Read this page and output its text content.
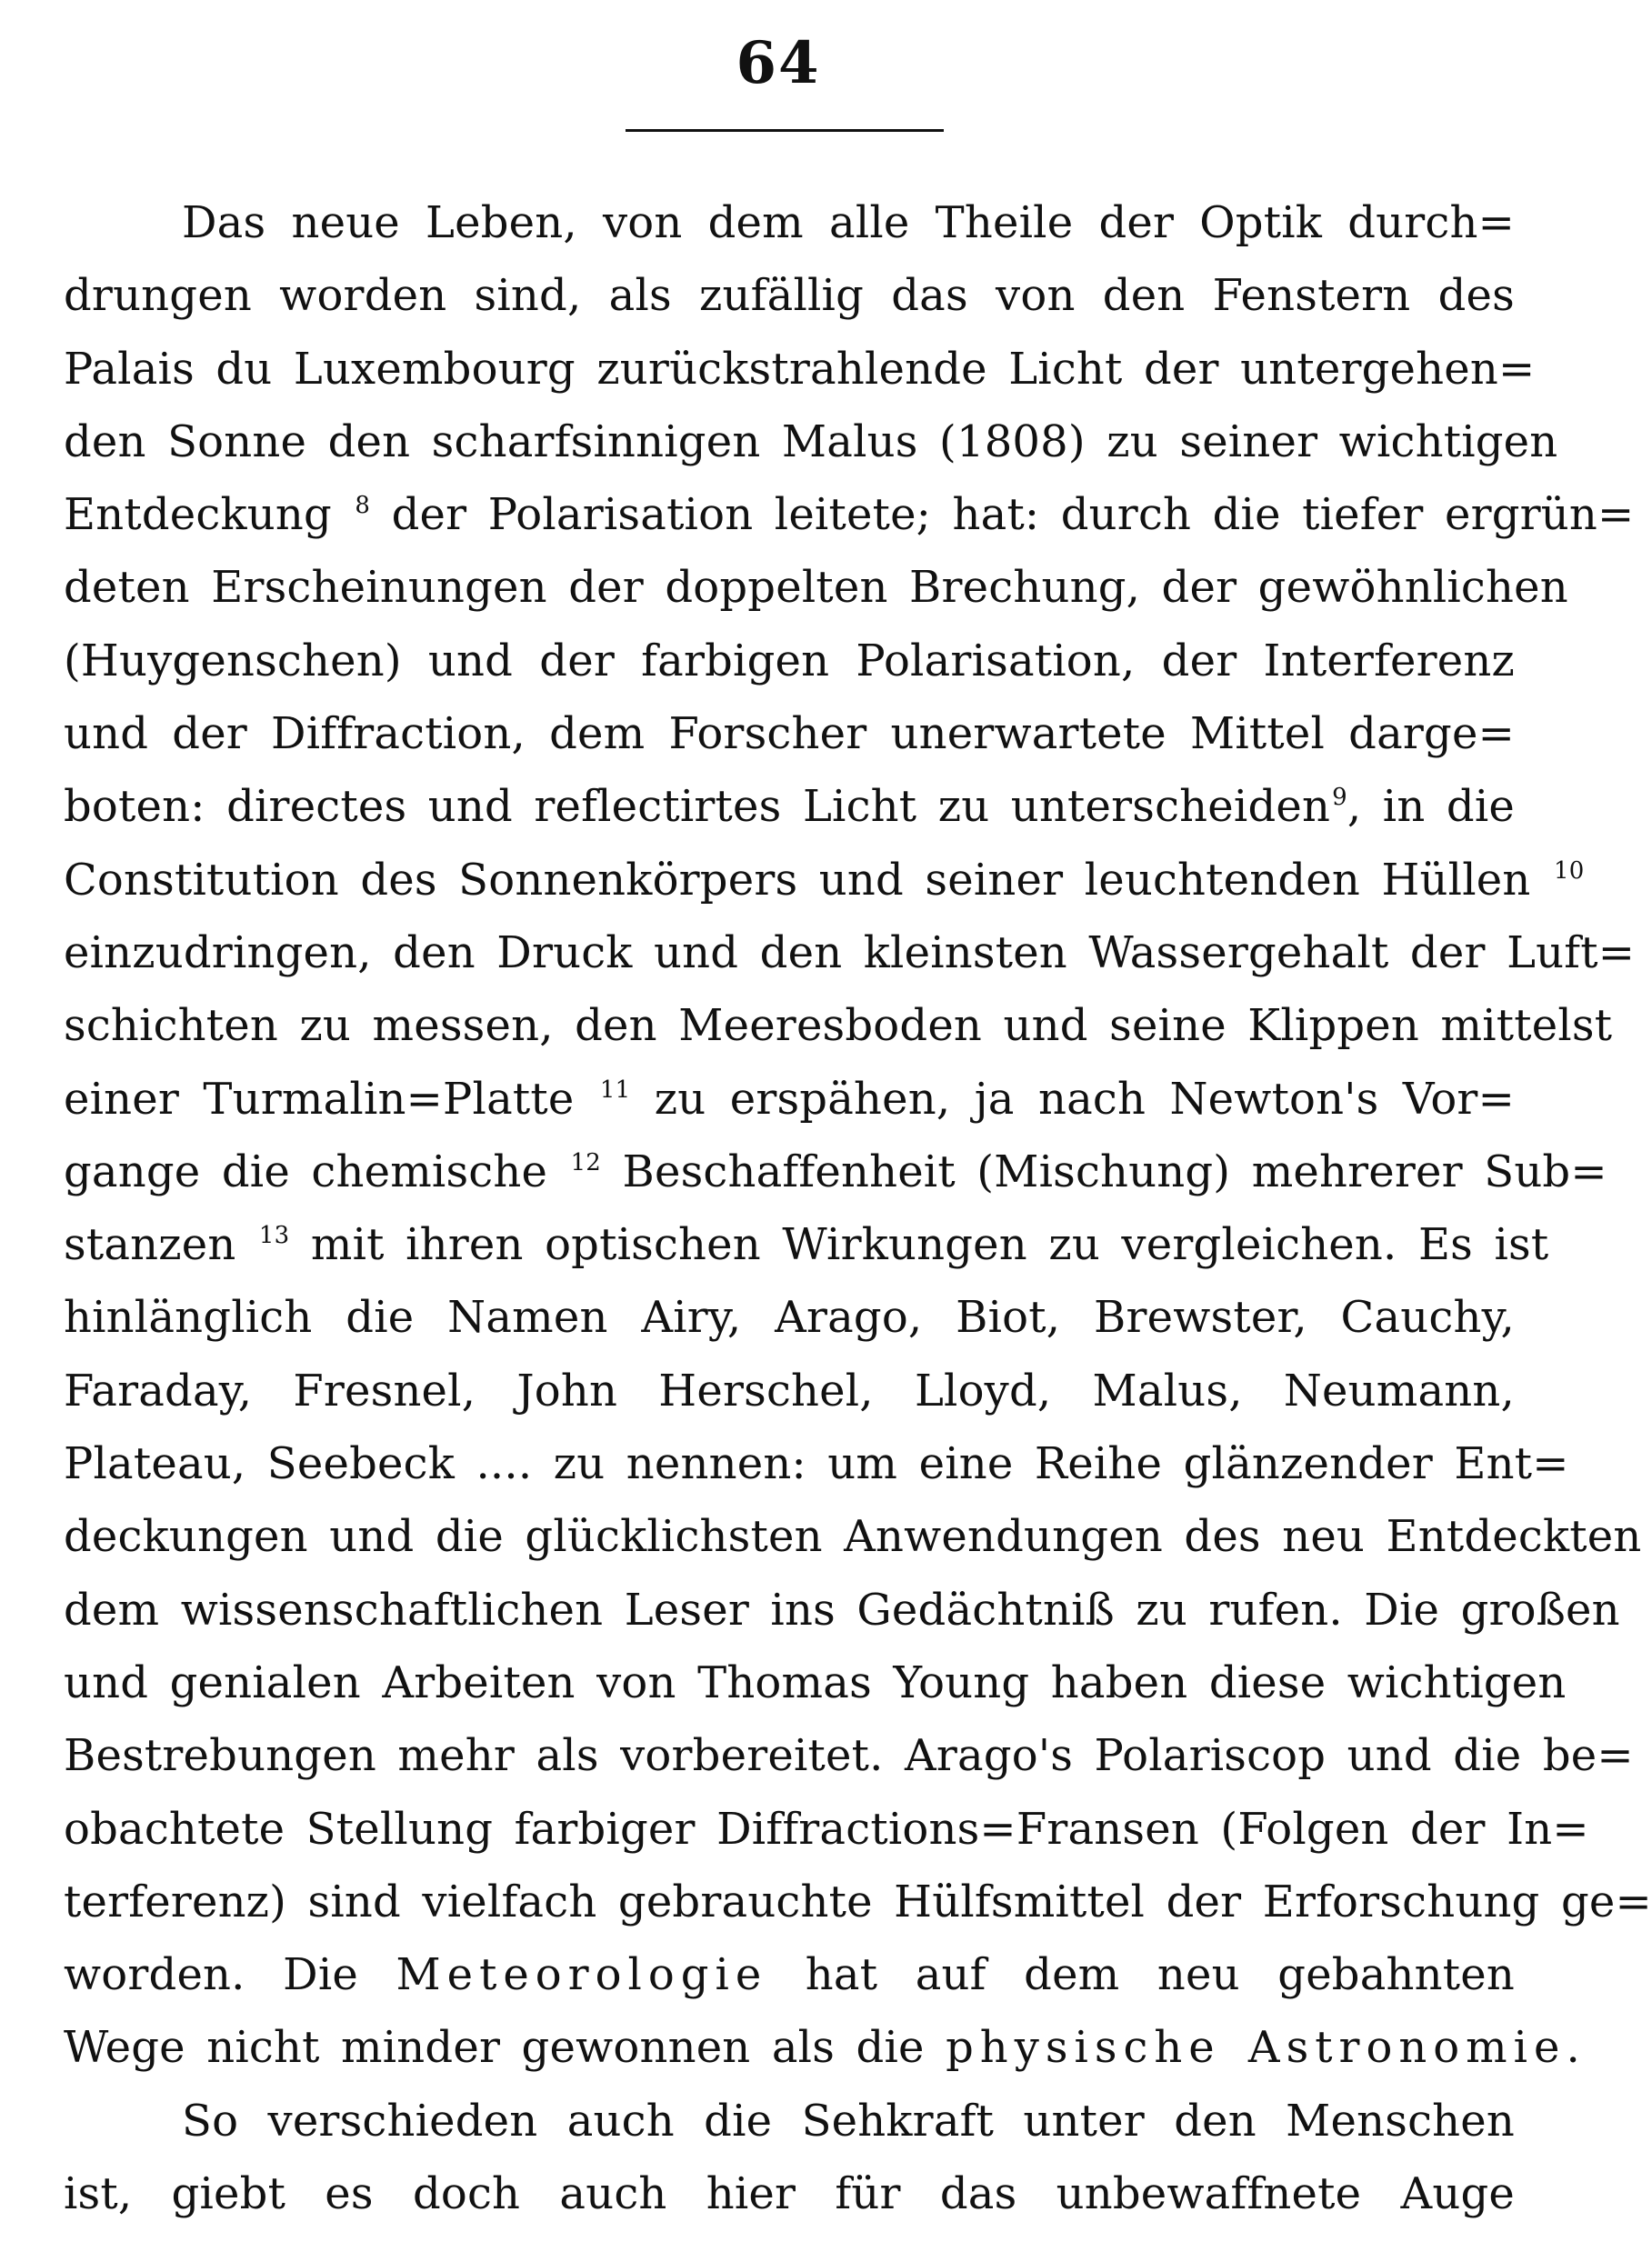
64
Das neue Leben, von dem alle Theile der Optik durch=
drungen worden sind, als zufällig das von den Fenstern des
Palais du Luxembourg zurückstrahlende Licht der untergehen=
den Sonne den scharfsinnigen Malus (1808) zu seiner wichtigen
Entdeckung $^8$ der Polarisation leitete; hat: durch die tiefer ergrün=
deten Erscheinungen der doppelten Brechung, der gewöhnlichen
(Huygenschen) und der farbigen Polarisation, der Interferenz
und der Diffraction, dem Forscher unerwartete Mittel darge=
boten: directes und reflectirtes Licht zu unterscheiden$^9$, in die
Constitution des Sonnenkörpers und seiner leuchtenden Hüllen $^{10}$
einzudringen, den Druck und den kleinsten Wassergehalt der Luft=
schichten zu messen, den Meeresboden und seine Klippen mittelst
einer Turmalin=Platte $^{11}$ zu erspähen, ja nach Newton's Vor=
gange die chemische $^{12}$ Beschaffenheit (Mischung) mehrerer Sub=
stanzen $^{13}$ mit ihren optischen Wirkungen zu vergleichen. Es ist
hinlänglich die Namen Airy, Arago, Biot, Brewster, Cauchy,
Faraday, Fresnel, John Herschel, Lloyd, Malus, Neumann,
Plateau, Seebeck .... zu nennen: um eine Reihe glänzender Ent=
deckungen und die glücklichsten Anwendungen des neu Entdeckten
dem wissenschaftlichen Leser ins Gedächtniß zu rufen. Die großen
und genialen Arbeiten von Thomas Young haben diese wichtigen
Bestrebungen mehr als vorbereitet. Arago's Polariscop und die be=
obachtete Stellung farbiger Diffractions=Fransen (Folgen der In=
terferenz) sind vielfach gebrauchte Hülfsmittel der Erforschung ge=
worden. Die Meteorologie hat auf dem neu gebahnten
Wege nicht minder gewonnen als die physische Astronomie.
So verschieden auch die Sehkraft unter den Menschen
ist, giebt es doch auch hier für das unbewaffnete Auge
